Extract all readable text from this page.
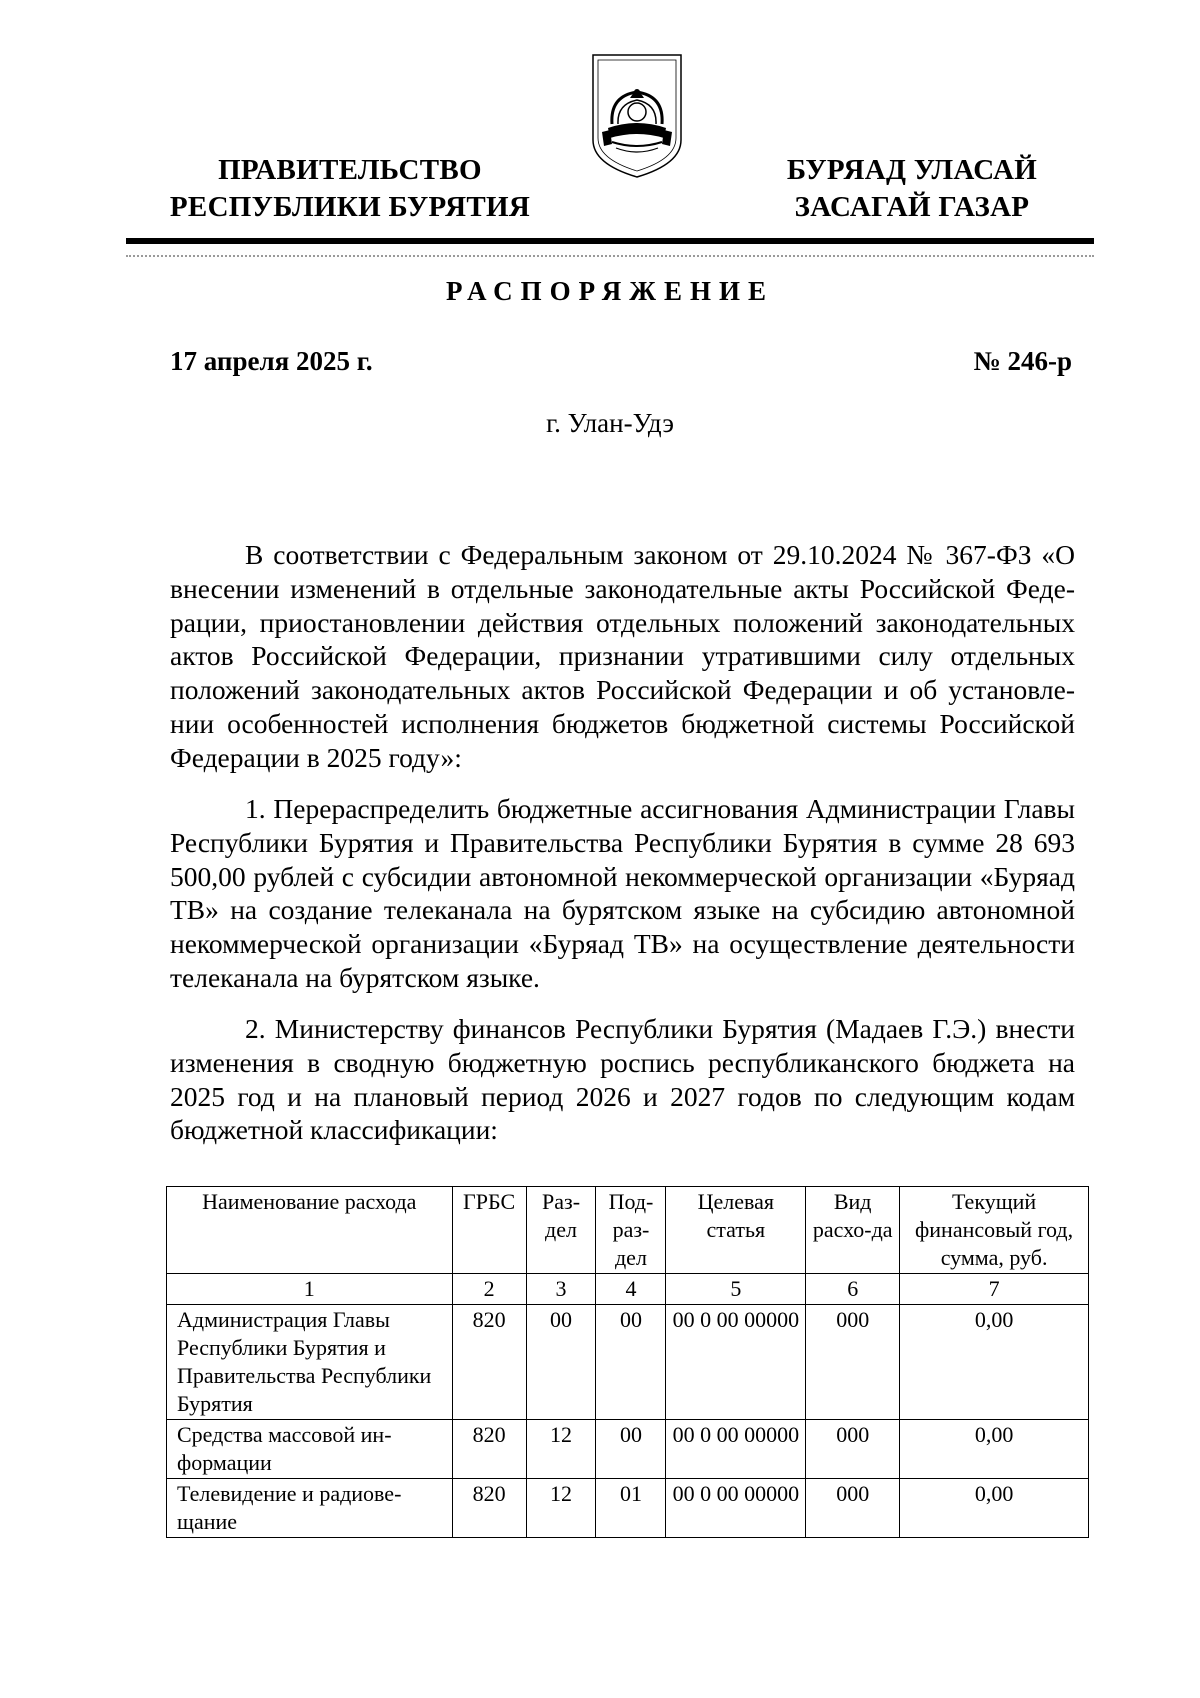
ПРАВИТЕЛЬСТВО
РЕСПУБЛИКИ БУРЯТИЯ
БУРЯАД УЛАСАЙ
ЗАСАГАЙ ГАЗАР
РАСПОРЯЖЕНИЕ
17 апреля 2025 г.	№ 246-р
г. Улан-Удэ

В соответствии с Федеральным законом от 29.10.2024 № 367-ФЗ «О внесении изменений в отдельные законодательные акты Российской Федерации, приостановлении действия отдельных положений законодательных актов Российской Федерации, признании утратившими силу отдельных положений законодательных актов Российской Федерации и об установлении особенностей исполнения бюджетов бюджетной системы Российской Федерации в 2025 году»:

1. Перераспределить бюджетные ассигнования Администрации Главы Республики Бурятия и Правительства Республики Бурятия в сумме 28 693 500,00 рублей с субсидии автономной некоммерческой организации «Буряад ТВ» на создание телеканала на бурятском языке на субсидию автономной некоммерческой организации «Буряад ТВ» на осуществление деятельности телеканала на бурятском языке.

2. Министерству финансов Республики Бурятия (Мадаев Г.Э.) внести изменения в сводную бюджетную роспись республиканского бюджета на 2025 год и на плановый период 2026 и 2027 годов по следующим кодам бюджетной классификации:

Наименование расхода	ГРБС	Раз-дел	Под-раз-дел	Целевая статья	Вид расхо-да	Текущий финансовый год, сумма, руб.
1	2	3	4	5	6	7
Администрация Главы Республики Бурятия и Правительства Республики Бурятия	820	00	00	00 0 00 00000	000	0,00
Средства массовой информации	820	12	00	00 0 00 00000	000	0,00
Телевидение и радиовещание	820	12	01	00 0 00 00000	000	0,00
